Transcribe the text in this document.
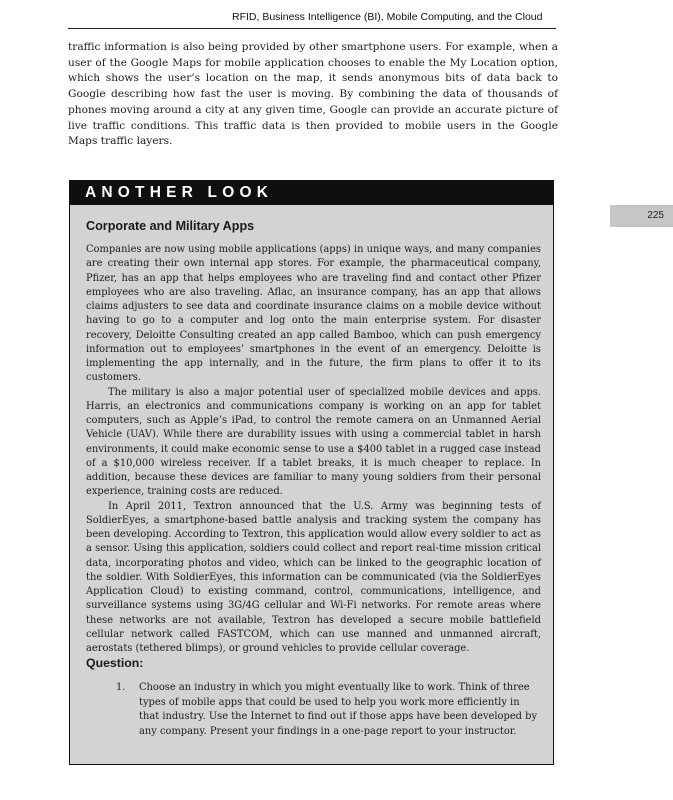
RFID, Business Intelligence (BI), Mobile Computing, and the Cloud

traffic information is also being provided by other smartphone users. For example, when a user of the Google Maps for mobile application chooses to enable the My Location option, which shows the user’s location on the map, it sends anonymous bits of data back to Google describing how fast the user is moving. By combining the data of thousands of phones moving around a city at any given time, Google can provide an accurate picture of live traffic conditions. This traffic data is then provided to mobile users in the Google Maps traffic layers.

225
ANOTHER LOOK
Corporate and Military Apps

Companies are now using mobile applications (apps) in unique ways, and many companies are creating their own internal app stores. For example, the pharmaceutical company, Pfizer, has an app that helps employees who are traveling find and contact other Pfizer employees who are also traveling. Aflac, an insurance company, has an app that allows claims adjusters to see data and coordinate insurance claims on a mobile device without having to go to a computer and log onto the main enterprise system. For disaster recovery, Deloitte Consulting created an app called Bamboo, which can push emergency information out to employees’ smartphones in the event of an emergency. Deloitte is implementing the app internally, and in the future, the firm plans to offer it to its customers.

The military is also a major potential user of specialized mobile devices and apps. Harris, an electronics and communications company is working on an app for tablet computers, such as Apple’s iPad, to control the remote camera on an Unmanned Aerial Vehicle (UAV). While there are durability issues with using a commercial tablet in harsh environments, it could make economic sense to use a $400 tablet in a rugged case instead of a $10,000 wireless receiver. If a tablet breaks, it is much cheaper to replace. In addition, because these devices are familiar to many young soldiers from their personal experience, training costs are reduced.

In April 2011, Textron announced that the U.S. Army was beginning tests of SoldierEyes, a smartphone-based battle analysis and tracking system the company has been developing. According to Textron, this application would allow every soldier to act as a sensor. Using this application, soldiers could collect and report real-time mission critical data, incorporating photos and video, which can be linked to the geographic location of the soldier. With SoldierEyes, this information can be communicated (via the SoldierEyes Application Cloud) to existing command, control, communications, intelligence, and surveillance systems using 3G/4G cellular and Wi-Fi networks. For remote areas where these networks are not available, Textron has developed a secure mobile battlefield cellular network called FASTCOM, which can use manned and unmanned aircraft, aerostats (tethered blimps), or ground vehicles to provide cellular coverage.

Question:
1. Choose an industry in which you might eventually like to work. Think of three types of mobile apps that could be used to help you work more efficiently in that industry. Use the Internet to find out if those apps have been developed by any company. Present your findings in a one-page report to your instructor.
